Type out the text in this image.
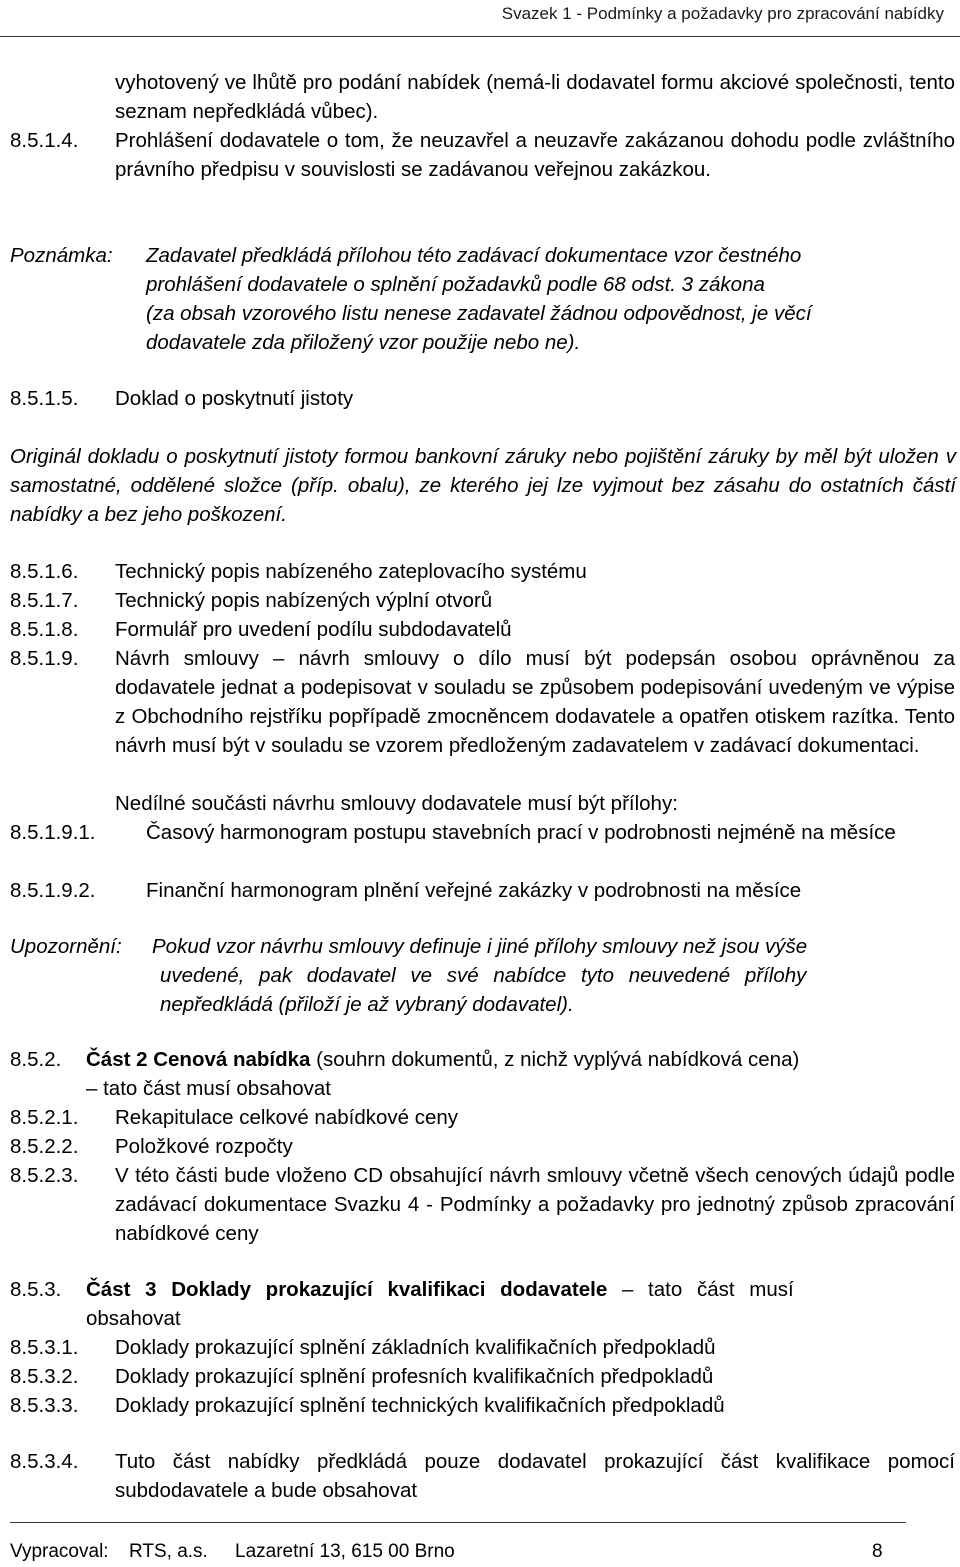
Svazek 1 - Podmínky a požadavky pro zpracování nabídky
vyhotovený ve lhůtě pro podání nabídek (nemá-li dodavatel formu akciové společnosti, tento seznam nepředkládá vůbec).
8.5.1.4. Prohlášení dodavatele o tom, že neuzavřel a neuzavře zakázanou dohodu podle zvláštního právního předpisu v souvislosti se zadávanou veřejnou zakázkou.
Poznámka: Zadavatel předkládá přílohou této zadávací dokumentace vzor čestného
prohlášení dodavatele o splnění požadavků podle 68 odst. 3 zákona
(za obsah vzorového listu nenese zadavatel žádnou odpovědnost, je věcí
dodavatele zda přiložený vzor použije nebo ne).
8.5.1.5. Doklad o poskytnutí jistoty
Originál dokladu o poskytnutí jistoty formou bankovní záruky nebo pojištění záruky by měl být uložen v samostatné, oddělené složce (příp. obalu), ze kterého jej lze vyjmout bez zásahu do ostatních částí nabídky a bez jeho poškození.
8.5.1.6. Technický popis nabízeného zateplovacího systému
8.5.1.7. Technický popis nabízených výplní otvorů
8.5.1.8. Formulář pro uvedení podílu subdodavatelů
8.5.1.9. Návrh smlouvy – návrh smlouvy o dílo musí být podepsán osobou oprávněnou za dodavatele jednat a podepisovat v souladu se způsobem podepisování uvedeným ve výpise z Obchodního rejstříku popřípadě zmocněncem dodavatele a opatřen otiskem razítka. Tento návrh musí být v souladu se vzorem předloženým zadavatelem v zadávací dokumentaci.
Nedílné součásti návrhu smlouvy dodavatele musí být přílohy:
8.5.1.9.1. Časový harmonogram postupu stavebních prací v podrobnosti nejméně na měsíce
8.5.1.9.2. Finanční harmonogram plnění veřejné zakázky v podrobnosti na měsíce
Upozornění: Pokud vzor návrhu smlouvy definuje i jiné přílohy smlouvy než jsou výše
uvedené, pak dodavatel ve své nabídce tyto neuvedené přílohy
nepředkládá (přiloží je až vybraný dodavatel).
8.5.2. Část 2 Cenová nabídka (souhrn dokumentů, z nichž vyplývá nabídková cena)
– tato část musí obsahovat
8.5.2.1. Rekapitulace celkové nabídkové ceny
8.5.2.2. Položkové rozpočty
8.5.2.3. V této části bude vloženo CD obsahující návrh smlouvy včetně všech cenových údajů podle zadávací dokumentace Svazku 4 - Podmínky a požadavky pro jednotný způsob zpracování nabídkové ceny
8.5.3. Část 3 Doklady prokazující kvalifikaci dodavatele – tato část musí
obsahovat
8.5.3.1. Doklady prokazující splnění základních kvalifikačních předpokladů
8.5.3.2. Doklady prokazující splnění profesních kvalifikačních předpokladů
8.5.3.3. Doklady prokazující splnění technických kvalifikačních předpokladů
8.5.3.4. Tuto část nabídky předkládá pouze dodavatel prokazující část kvalifikace pomocí subdodavatele a bude obsahovat
Vypracoval: RTS, a.s. Lazaretní 13, 615 00 Brno	8
